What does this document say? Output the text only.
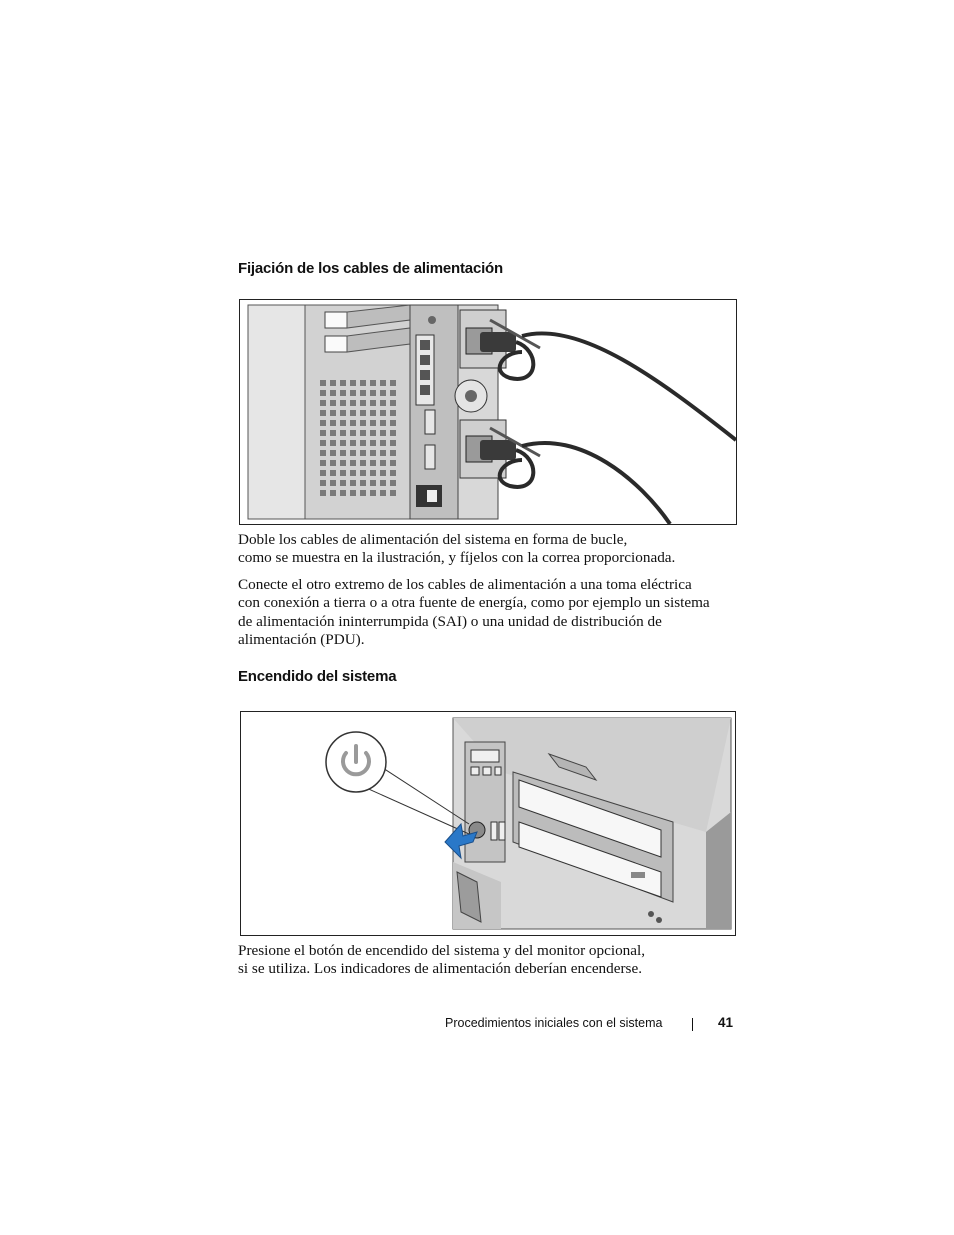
Fijación de los cables de alimentación
Doble los cables de alimentación del sistema en forma de bucle,
como se muestra en la ilustración, y fíjelos con la correa proporcionada.
Conecte el otro extremo de los cables de alimentación a una toma eléctrica
con conexión a tierra o a otra fuente de energía, como por ejemplo un sistema
de alimentación ininterrumpida (SAI) o una unidad de distribución de
alimentación (PDU).
Encendido del sistema
Presione el botón de encendido del sistema y del monitor opcional,
si se utiliza. Los indicadores de alimentación deberían encenderse.
Procedimientos iniciales con el sistema	41
